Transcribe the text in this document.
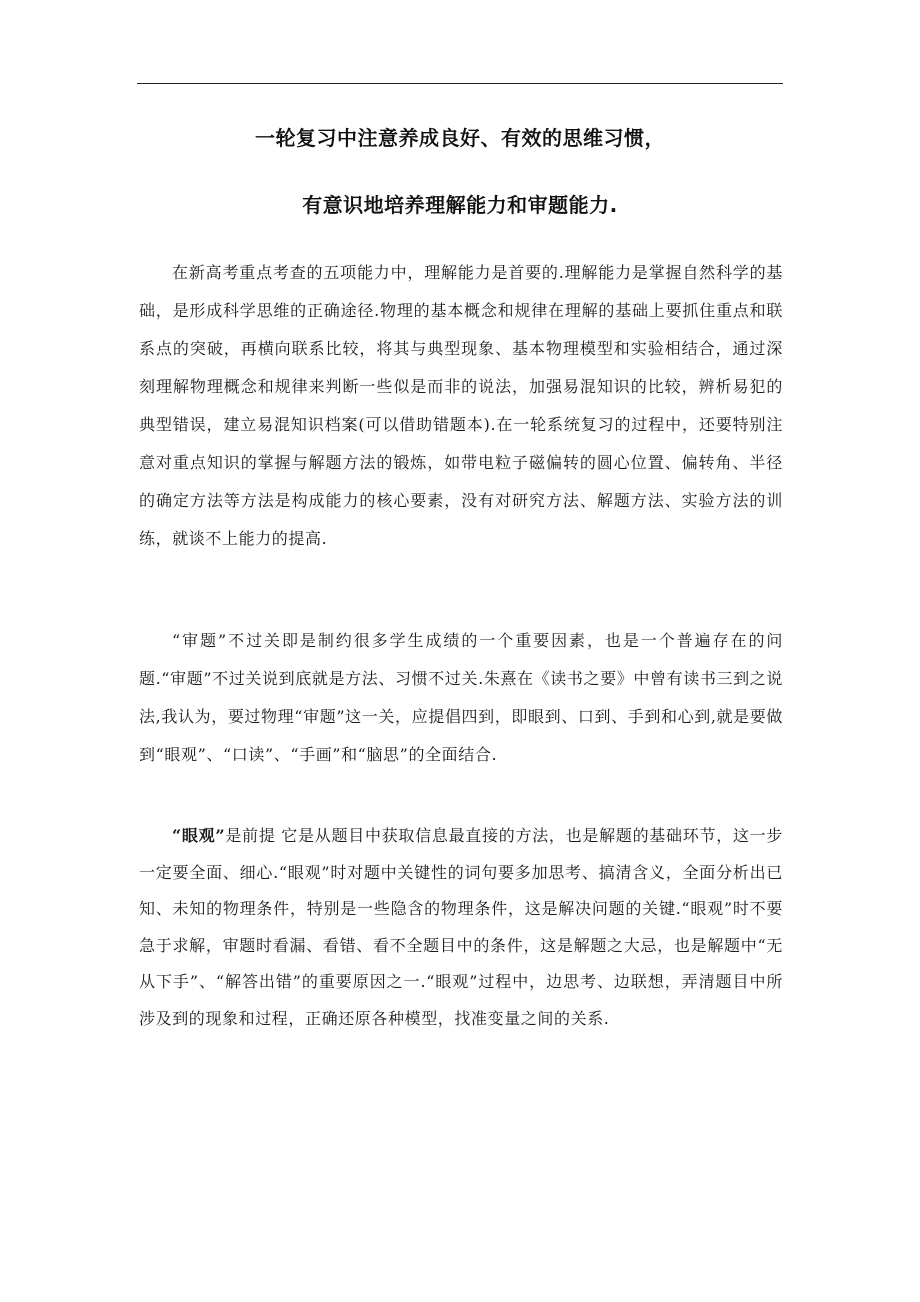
一轮复习中注意养成良好、有效的思维习惯，
有意识地培养理解能力和审题能力.

在新高考重点考查的五项能力中，理解能力是首要的.理解能力是掌握自然科学的基础，是形成科学思维的正确途径.物理的基本概念和规律在理解的基础上要抓住重点和联系点的突破，再横向联系比较，将其与典型现象、基本物理模型和实验相结合，通过深刻理解物理概念和规律来判断一些似是而非的说法，加强易混知识的比较，辨析易犯的典型错误，建立易混知识档案(可以借助错题本).在一轮系统复习的过程中，还要特别注意对重点知识的掌握与解题方法的锻炼，如带电粒子磁偏转的圆心位置、偏转角、半径的确定方法等方法是构成能力的核心要素，没有对研究方法、解题方法、实验方法的训练，就谈不上能力的提高.

“审题”不过关即是制约很多学生成绩的一个重要因素，也是一个普遍存在的问题.“审题”不过关说到底就是方法、习惯不过关.朱熹在《读书之要》中曾有读书三到之说法,我认为，要过物理“审题”这一关，应提倡四到，即眼到、口到、手到和心到,就是要做到“眼观”、“口读”、“手画”和“脑思”的全面结合.

“眼观”是前提 它是从题目中获取信息最直接的方法，也是解题的基础环节，这一步一定要全面、细心.“眼观”时对题中关键性的词句要多加思考、搞清含义，全面分析出已知、未知的物理条件，特别是一些隐含的物理条件，这是解决问题的关键.“眼观”时不要急于求解，审题时看漏、看错、看不全题目中的条件，这是解题之大忌，也是解题中“无从下手”、“解答出错”的重要原因之一.“眼观”过程中，边思考、边联想，弄清题目中所涉及到的现象和过程，正确还原各种模型，找准变量之间的关系.
